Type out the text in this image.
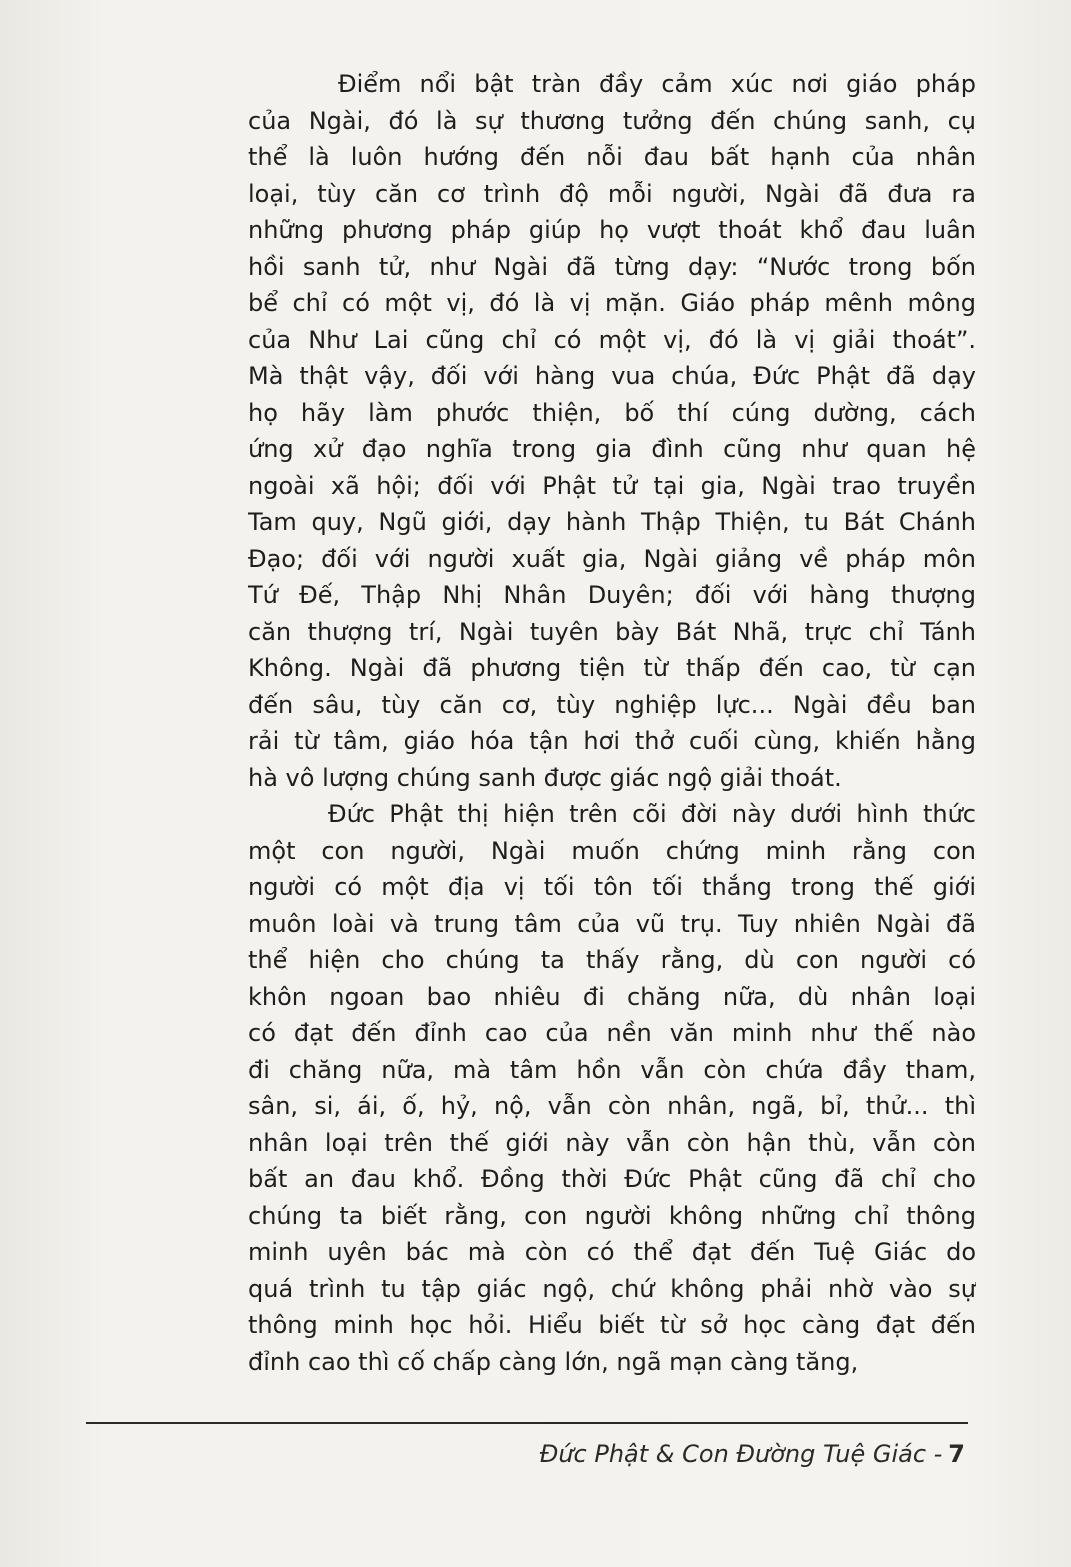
Điểm nổi bật tràn đầy cảm xúc nơi giáo pháp
của Ngài, đó là sự thương tưởng đến chúng sanh, cụ
thể là luôn hướng đến nỗi đau bất hạnh của nhân
loại, tùy căn cơ trình độ mỗi người, Ngài đã đưa ra
những phương pháp giúp họ vượt thoát khổ đau luân
hồi sanh tử, như Ngài đã từng dạy: “Nước trong bốn
bể chỉ có một vị, đó là vị mặn. Giáo pháp mênh mông
của Như Lai cũng chỉ có một vị, đó là vị giải thoát”.
Mà thật vậy, đối với hàng vua chúa, Đức Phật đã dạy
họ hãy làm phước thiện, bố thí cúng dường, cách
ứng xử đạo nghĩa trong gia đình cũng như quan hệ
ngoài xã hội; đối với Phật tử tại gia, Ngài trao truyền
Tam quy, Ngũ giới, dạy hành Thập Thiện, tu Bát Chánh
Đạo; đối với người xuất gia, Ngài giảng về pháp môn
Tứ Đế, Thập Nhị Nhân Duyên; đối với hàng thượng
căn thượng trí, Ngài tuyên bày Bát Nhã, trực chỉ Tánh
Không. Ngài đã phương tiện từ thấp đến cao, từ cạn
đến sâu, tùy căn cơ, tùy nghiệp lực... Ngài đều ban
rải từ tâm, giáo hóa tận hơi thở cuối cùng, khiến hằng
hà vô lượng chúng sanh được giác ngộ giải thoát.
Đức Phật thị hiện trên cõi đời này dưới hình thức
một con người, Ngài muốn chứng minh rằng con
người có một địa vị tối tôn tối thắng trong thế giới
muôn loài và trung tâm của vũ trụ. Tuy nhiên Ngài đã
thể hiện cho chúng ta thấy rằng, dù con người có
khôn ngoan bao nhiêu đi chăng nữa, dù nhân loại
có đạt đến đỉnh cao của nền văn minh như thế nào
đi chăng nữa, mà tâm hồn vẫn còn chứa đầy tham,
sân, si, ái, ố, hỷ, nộ, vẫn còn nhân, ngã, bỉ, thử... thì
nhân loại trên thế giới này vẫn còn hận thù, vẫn còn
bất an đau khổ. Đồng thời Đức Phật cũng đã chỉ cho
chúng ta biết rằng, con người không những chỉ thông
minh uyên bác mà còn có thể đạt đến Tuệ Giác do
quá trình tu tập giác ngộ, chứ không phải nhờ vào sự
thông minh học hỏi. Hiểu biết từ sở học càng đạt đến
đỉnh cao thì cố chấp càng lớn, ngã mạn càng tăng,
Đức Phật & Con Đường Tuệ Giác - 7
